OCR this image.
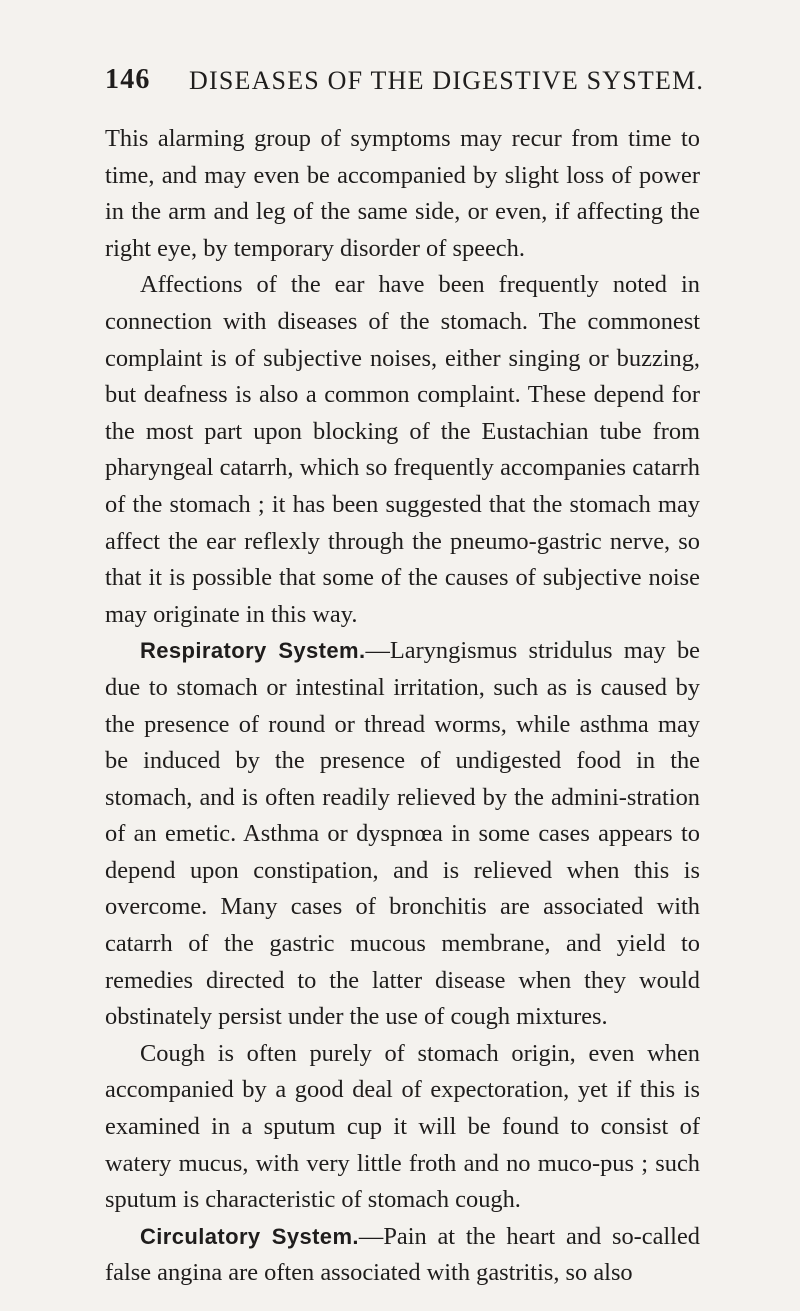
146 DISEASES OF THE DIGESTIVE SYSTEM.

This alarming group of symptoms may recur from time to time, and may even be accompanied by slight loss of power in the arm and leg of the same side, or even, if affecting the right eye, by temporary disorder of speech.

Affections of the ear have been frequently noted in connection with diseases of the stomach. The commonest complaint is of subjective noises, either singing or buzzing, but deafness is also a common complaint. These depend for the most part upon blocking of the Eustachian tube from pharyngeal catarrh, which so frequently accompanies catarrh of the stomach ; it has been suggested that the stomach may affect the ear reflexly through the pneumo-gastric nerve, so that it is possible that some of the causes of subjective noise may originate in this way.

Respiratory System.—Laryngismus stridulus may be due to stomach or intestinal irritation, such as is caused by the presence of round or thread worms, while asthma may be induced by the presence of undigested food in the stomach, and is often readily relieved by the admini-stration of an emetic. Asthma or dyspnœa in some cases appears to depend upon constipation, and is relieved when this is overcome. Many cases of bronchitis are associated with catarrh of the gastric mucous membrane, and yield to remedies directed to the latter disease when they would obstinately persist under the use of cough mixtures.

Cough is often purely of stomach origin, even when accompanied by a good deal of expectoration, yet if this is examined in a sputum cup it will be found to consist of watery mucus, with very little froth and no muco-pus ; such sputum is characteristic of stomach cough.

Circulatory System.—Pain at the heart and so-called false angina are often associated with gastritis, so also
